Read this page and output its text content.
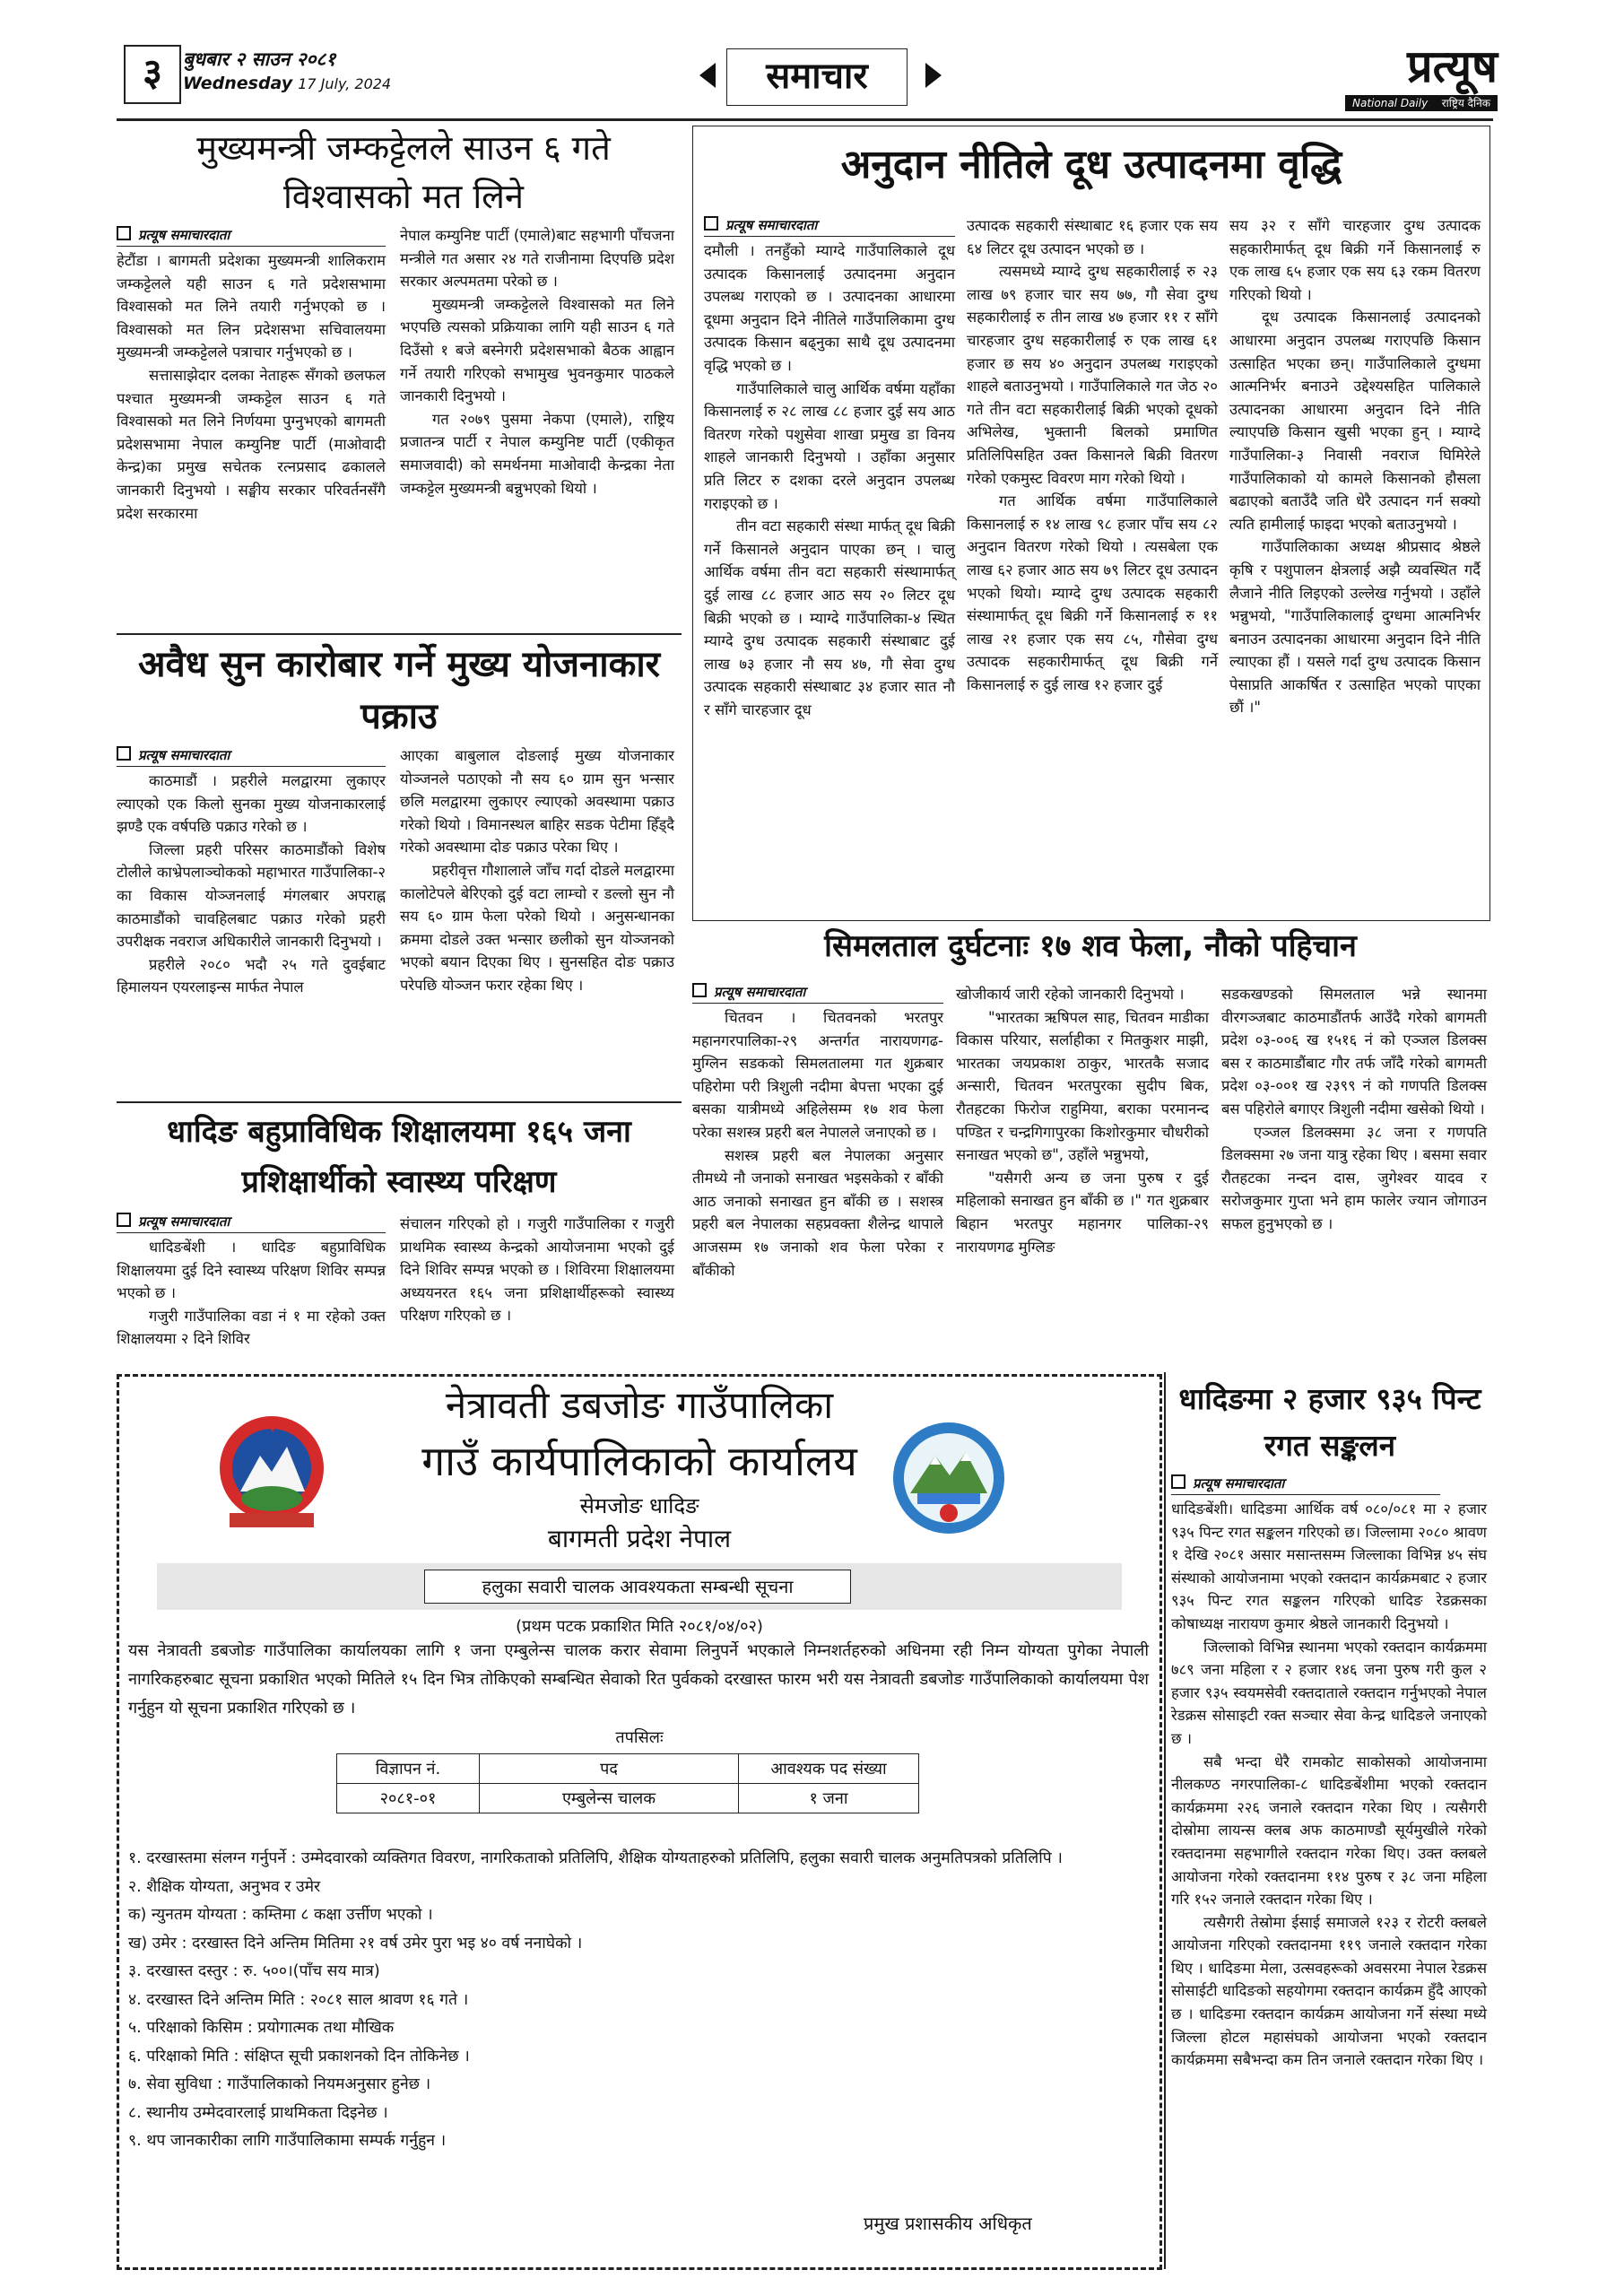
३	बुधबार २ साउन २०८१
Wednesday 17 July, 2024	समाचार	प्रत्यूष
National Daily राष्ट्रिय दैनिक
मुख्यमन्त्री जम्कट्टेलले साउन ६ गते
विश्वासको मत लिने
प्रत्यूष समाचारदाता

हेटौंडा । बागमती प्रदेशका मुख्यमन्त्री शालिकराम जम्कट्टेलले यही साउन ६ गते प्रदेशसभामा विश्वासको मत लिने तयारी गर्नुभएको छ । विश्वासको मत लिन प्रदेशसभा सचिवालयमा मुख्यमन्त्री जम्कट्टेलले पत्राचार गर्नुभएको छ ।

सत्तासाझेदार दलका नेताहरू सँगको छलफल पश्चात मुख्यमन्त्री जम्कट्टेल साउन ६ गते विश्वासको मत लिने निर्णयमा पुग्नुभएको बागमती प्रदेशसभामा नेपाल कम्युनिष्ट पार्टी (माओवादी केन्द्र)का प्रमुख सचेतक रत्नप्रसाद ढकालले जानकारी दिनुभयो । सङ्घीय सरकार परिवर्तनसँगै प्रदेश सरकारमा

नेपाल कम्युनिष्ट पार्टी (एमाले)बाट सहभागी पाँचजना मन्त्रीले गत असार २४ गते राजीनामा दिएपछि प्रदेश सरकार अल्पमतमा परेको छ ।

मुख्यमन्त्री जम्कट्टेलले विश्वासको मत लिने भएपछि त्यसको प्रक्रियाका लागि यही साउन ६ गते दिउँसो १ बजे बस्नेगरी प्रदेशसभाको बैठक आह्वान गर्ने तयारी गरिएको सभामुख भुवनकुमार पाठकले जानकारी दिनुभयो ।

गत २०७९ पुसमा नेकपा (एमाले), राष्ट्रिय प्रजातन्त्र पार्टी र नेपाल कम्युनिष्ट पार्टी (एकीकृत समाजवादी) को समर्थनमा माओवादी केन्द्रका नेता जम्कट्टेल मुख्यमन्त्री बन्नुभएको थियो ।

अनुदान नीतिले दूध उत्पादनमा वृद्धि
प्रत्यूष समाचारदाता

दमौली । तनहुँको म्याग्दे गाउँपालिकाले दूध उत्पादक किसानलाई उत्पादनमा अनुदान उपलब्ध गराएको छ । उत्पादनका आधारमा दूधमा अनुदान दिने नीतिले गाउँपालिकामा दुग्ध उत्पादक किसान बढ्नुका साथै दूध उत्पादनमा वृद्धि भएको छ ।

गाउँपालिकाले चालु आर्थिक वर्षमा यहाँका किसानलाई रु २८ लाख ८८ हजार दुई सय आठ वितरण गरेको पशुसेवा शाखा प्रमुख डा विनय शाहले जानकारी दिनुभयो । उहाँका अनुसार प्रति लिटर रु दशका दरले अनुदान उपलब्ध गराइएको छ ।

तीन वटा सहकारी संस्था मार्फत् दूध बिक्री गर्ने किसानले अनुदान पाएका छन् । चालु आर्थिक वर्षमा तीन वटा सहकारी संस्थामार्फत् दुई लाख ८८ हजार आठ सय २० लिटर दूध बिक्री भएको छ । म्याग्दे गाउँपालिका-४ स्थित म्याग्दे दुग्ध उत्पादक सहकारी संस्थाबाट दुई लाख ७३ हजार नौ सय ४७, गौ सेवा दुग्ध उत्पादक सहकारी संस्थाबाट ३४ हजार सात नौ र साँगे चारहजार दूध

उत्पादक सहकारी संस्थाबाट १६ हजार एक सय ६४ लिटर दूध उत्पादन भएको छ ।

त्यसमध्ये म्याग्दे दुग्ध सहकारीलाई रु २३ लाख ७९ हजार चार सय ७७, गौ सेवा दुग्ध सहकारीलाई रु तीन लाख ४७ हजार ११ र साँगे चारहजार दुग्ध सहकारीलाई रु एक लाख ६१ हजार छ सय ४० अनुदान उपलब्ध गराइएको शाहले बताउनुभयो । गाउँपालिकाले गत जेठ २० गते तीन वटा सहकारीलाई बिक्री भएको दूधको अभिलेख, भुक्तानी बिलको प्रमाणित प्रतिलिपिसहित उक्त किसानले बिक्री वितरण गरेको एकमुस्ट विवरण माग गरेको थियो ।

गत आर्थिक वर्षमा गाउँपालिकाले किसानलाई रु १४ लाख ९८ हजार पाँच सय ८२ अनुदान वितरण गरेको थियो । त्यसबेला एक लाख ६२ हजार आठ सय ७९ लिटर दूध उत्पादन भएको थियो। म्याग्दे दुग्ध उत्पादक सहकारी संस्थामार्फत् दूध बिक्री गर्ने किसानलाई रु ११ लाख २१ हजार एक सय ८५, गौसेवा दुग्ध उत्पादक सहकारीमार्फत् दूध बिक्री गर्ने किसानलाई रु दुई लाख १२ हजार दुई

सय ३२ र साँगे चारहजार दुग्ध उत्पादक सहकारीमार्फत् दूध बिक्री गर्ने किसानलाई रु एक लाख ६५ हजार एक सय ६३ रकम वितरण गरिएको थियो ।

दूध उत्पादक किसानलाई उत्पादनको आधारमा अनुदान उपलब्ध गराएपछि किसान उत्साहित भएका छन्। गाउँपालिकाले दुग्धमा आत्मनिर्भर बनाउने उद्देश्यसहित पालिकाले उत्पादनका आधारमा अनुदान दिने नीति ल्याएपछि किसान खुसी भएका हुन् । म्याग्दे गाउँपालिका-३ निवासी नवराज घिमिरेले गाउँपालिकाको यो कामले किसानको हौसला बढाएको बताउँदै जति धेरै उत्पादन गर्न सक्यो त्यति हामीलाई फाइदा भएको बताउनुभयो ।

गाउँपालिकाका अध्यक्ष श्रीप्रसाद श्रेष्ठले कृषि र पशुपालन क्षेत्रलाई अझै व्यवस्थित गर्दै लैजाने नीति लिइएको उल्लेख गर्नुभयो । उहाँले भन्नुभयो, "गाउँपालिकालाई दुग्धमा आत्मनिर्भर बनाउन उत्पादनका आधारमा अनुदान दिने नीति ल्याएका हौं । यसले गर्दा दुग्ध उत्पादक किसान पेसाप्रति आकर्षित र उत्साहित भएको पाएका छौं ।"

अवैध सुन कारोबार गर्ने मुख्य योजनाकार
पक्राउ
प्रत्यूष समाचारदाता

काठमाडौं । प्रहरीले मलद्वारमा लुकाएर ल्याएको एक किलो सुनका मुख्य योजनाकारलाई झण्डै एक वर्षपछि पक्राउ गरेको छ ।

जिल्ला प्रहरी परिसर काठमाडौंको विशेष टोलीले काभ्रेपलाञ्चोकको महाभारत गाउँपालिका-२ का विकास योञ्जनलाई मंगलबार अपराह्न काठमाडौंको चावहिलबाट पक्राउ गरेको प्रहरी उपरीक्षक नवराज अधिकारीले जानकारी दिनुभयो ।

प्रहरीले २०८० भदौ २५ गते दुवईबाट हिमालयन एयरलाइन्स मार्फत नेपाल

आएका बाबुलाल दोङलाई मुख्य योजनाकार योञ्जनले पठाएको नौ सय ६० ग्राम सुन भन्सार छलि मलद्वारमा लुकाएर ल्याएको अवस्थामा पक्राउ गरेको थियो । विमानस्थल बाहिर सडक पेटीमा हिँड्दै गरेको अवस्थामा दोङ पक्राउ परेका थिए ।

प्रहरीवृत्त गौशालाले जाँच गर्दा दोडले मलद्वारमा कालोटेपले बेरिएको दुई वटा लाम्चो र डल्लो सुन नौ सय ६० ग्राम फेला परेको थियो । अनुसन्धानका क्रममा दोडले उक्त भन्सार छलीको सुन योञ्जनको भएको बयान दिएका थिए । सुनसहित दोङ पक्राउ परेपछि योञ्जन फरार रहेका थिए ।

धादिङ बहुप्राविधिक शिक्षालयमा १६५ जना
प्रशिक्षार्थीको स्वास्थ्य परिक्षण
प्रत्यूष समाचारदाता

धादिङबेंशी । धादिङ बहुप्राविधिक शिक्षालयमा दुई दिने स्वास्थ्य परिक्षण शिविर सम्पन्न भएको छ ।

गजुरी गाउँपालिका वडा नं १ मा रहेको उक्त शिक्षालयमा २ दिने शिविर

संचालन गरिएको हो । गजुरी गाउँपालिका र गजुरी प्राथमिक स्वास्थ्य केन्द्रको आयोजनामा भएको दुई दिने शिविर सम्पन्न भएको छ । शिविरमा शिक्षालयमा अध्ययनरत १६५ जना प्रशिक्षार्थीहरूको स्वास्थ्य परिक्षण गरिएको छ ।

सिमलताल दुर्घटनाः १७ शव फेला, नौको पहिचान
प्रत्यूष समाचारदाता

चितवन । चितवनको भरतपुर महानगरपालिका-२९ अन्तर्गत नारायणगढ-मुग्लिन सडकको सिमलतालमा गत शुक्रबार पहिरोमा परी त्रिशुली नदीमा बेपत्ता भएका दुई बसका यात्रीमध्ये अहिलेसम्म १७ शव फेला परेका सशस्त्र प्रहरी बल नेपालले जनाएको छ ।

सशस्त्र प्रहरी बल नेपालका अनुसार तीमध्ये नौ जनाको सनाखत भइसकेको र बाँकी आठ जनाको सनाखत हुन बाँकी छ । सशस्त्र प्रहरी बल नेपालका सहप्रवक्ता शैलेन्द्र थापाले आजसम्म १७ जनाको शव फेला परेका र बाँकीको

खोजीकार्य जारी रहेको जानकारी दिनुभयो ।

"भारतका ऋषिपल साह, चितवन माडीका विकास परियार, सर्लाहीका र मितकुशर माझी, भारतका जयप्रकाश ठाकुर, भारतकै सजाद अन्सारी, चितवन भरतपुरका सुदीप बिक, रौतहटका फिरोज राहुमिया, बराका परमानन्द पण्डित र चन्द्रगिगापुरका किशोरकुमार चौधरीको सनाखत भएको छ", उहाँले भन्नुभयो,

"यसैगरी अन्य छ जना पुरुष र दुई महिलाको सनाखत हुन बाँकी छ ।" गत शुक्रबार बिहान भरतपुर महानगर पालिका-२९ नारायणगढ मुग्लिङ

सडकखण्डको सिमलताल भन्ने स्थानमा वीरगञ्जबाट काठमाडौंतर्फ आउँदै गरेको बागमती प्रदेश ०३-००६ ख १५१६ नं को एञ्जल डिलक्स बस र काठमाडौंबाट गौर तर्फ जाँदै गरेको बागमती प्रदेश ०३-००१ ख २३९९ नं को गणपति डिलक्स बस पहिरोले बगाएर त्रिशुली नदीमा खसेको थियो ।

एञ्जल डिलक्समा ३८ जना र गणपति डिलक्समा २७ जना यात्रु रहेका थिए । बसमा सवार रौतहटका नन्दन दास, जुगेश्वर यादव र सरोजकुमार गुप्ता भने हाम फालेर ज्यान जोगाउन सफल हुनुभएको छ ।

धादिङमा २ हजार ९३५ पिन्ट
रगत सङ्कलन
प्रत्यूष समाचारदाता

धादिङबेंशी। धादिङमा आर्थिक वर्ष ०८०/०८१ मा २ हजार ९३५ पिन्ट रगत सङ्कलन गरिएको छ। जिल्लामा २०८० श्रावण १ देखि २०८१ असार मसान्तसम्म जिल्लाका विभिन्न ४५ संघ संस्थाको आयोजनामा भएको रक्तदान कार्यक्रमबाट २ हजार ९३५ पिन्ट रगत सङ्कलन गरिएको धादिङ रेडक्रसका कोषाध्यक्ष नारायण कुमार श्रेष्ठले जानकारी दिनुभयो ।

जिल्लाको विभिन्न स्थानमा भएको रक्तदान कार्यक्रममा ७८९ जना महिला र २ हजार १४६ जना पुरुष गरी कुल २ हजार ९३५ स्वयमसेवी रक्तदाताले रक्तदान गर्नुभएको नेपाल रेडक्रस सोसाइटी रक्त सञ्चार सेवा केन्द्र धादिङले जनाएको छ ।

सबै भन्दा धेरै रामकोट साकोसको आयोजनामा नीलकण्ठ नगरपालिका-८ धादिङबेंशीमा भएको रक्तदान कार्यक्रममा २२६ जनाले रक्तदान गरेका थिए । त्यसैगरी दोस्रोमा लायन्स क्लब अफ काठमाण्डौ सूर्यमुखीले गरेको रक्तदानमा सहभागीले रक्तदान गरेका थिए। उक्त क्लबले आयोजना गरेको रक्तदानमा ११४ पुरुष र ३८ जना महिला गरि १५२ जनाले रक्तदान गरेका थिए ।

त्यसैगरी तेस्रोमा ईसाई समाजले १२३ र रोटरी क्लबले आयोजना गरिएको रक्तदानमा ११९ जनाले रक्तदान गरेका थिए । धादिङमा मेला, उत्सवहरूको अवसरमा नेपाल रेडक्रस सोसाईटी धादिङको सहयोगमा रक्तदान कार्यक्रम हुँदै आएको छ । धादिङमा रक्तदान कार्यक्रम आयोजना गर्ने संस्था मध्ये जिल्ला होटल महासंघको आयोजना भएको रक्तदान कार्यक्रममा सबैभन्दा कम तिन जनाले रक्तदान गरेका थिए ।

नेत्रावती डबजोङ गाउँपालिका
गाउँ कार्यपालिकाको कार्यालय
सेमजोङ धादिङ
बागमती प्रदेश नेपाल
हलुका सवारी चालक आवश्यकता सम्बन्धी सूचना
(प्रथम पटक प्रकाशित मिति २०८१/०४/०२)
यस नेत्रावती डबजोङ गाउँपालिका कार्यालयका लागि १ जना एम्बुलेन्स चालक करार सेवामा लिनुपर्ने भएकाले निम्नशर्तहरुको अधिनमा रही निम्न योग्यता पुगेका नेपाली नागरिकहरुबाट सूचना प्रकाशित भएको मितिले १५ दिन भित्र तोकिएको सम्बन्धित सेवाको रित पुर्वकको दरखास्त फारम भरी यस नेत्रावती डबजोङ गाउँपालिकाको कार्यालयमा पेश गर्नुहुन यो सूचना प्रकाशित गरिएको छ ।
तपसिलः
विज्ञापन नं.	पद	आवश्यक पद संख्या
२०८१-०१	एम्बुलेन्स चालक	१ जना
१. दरखास्तमा संलग्न गर्नुपर्ने : उम्मेदवारको व्यक्तिगत विवरण, नागरिकताको प्रतिलिपि, शैक्षिक योग्यताहरुको प्रतिलिपि, हलुका सवारी चालक अनुमतिपत्रको प्रतिलिपि ।
२. शैक्षिक योग्यता, अनुभव र उमेर
क) न्युनतम योग्यता : कम्तिमा ८ कक्षा उर्त्तीण भएको ।
ख) उमेर : दरखास्त दिने अन्तिम मितिमा २१ वर्ष उमेर पुरा भइ ४० वर्ष ननाघेको ।
३. दरखास्त दस्तुर : रु. ५००।(पाँच सय मात्र)
४. दरखास्त दिने अन्तिम मिति : २०८१ साल श्रावण १६ गते ।
५. परिक्षाको किसिम : प्रयोगात्मक तथा मौखिक
६. परिक्षाको मिति : संक्षिप्त सूची प्रकाशनको दिन तोकिनेछ ।
७. सेवा सुविधा : गाउँपालिकाको नियमअनुसार हुनेछ ।
८. स्थानीय उम्मेदवारलाई प्राथमिकता दिइनेछ ।
९. थप जानकारीका लागि गाउँपालिकामा सम्पर्क गर्नुहुन ।
प्रमुख प्रशासकीय अधिकृत
